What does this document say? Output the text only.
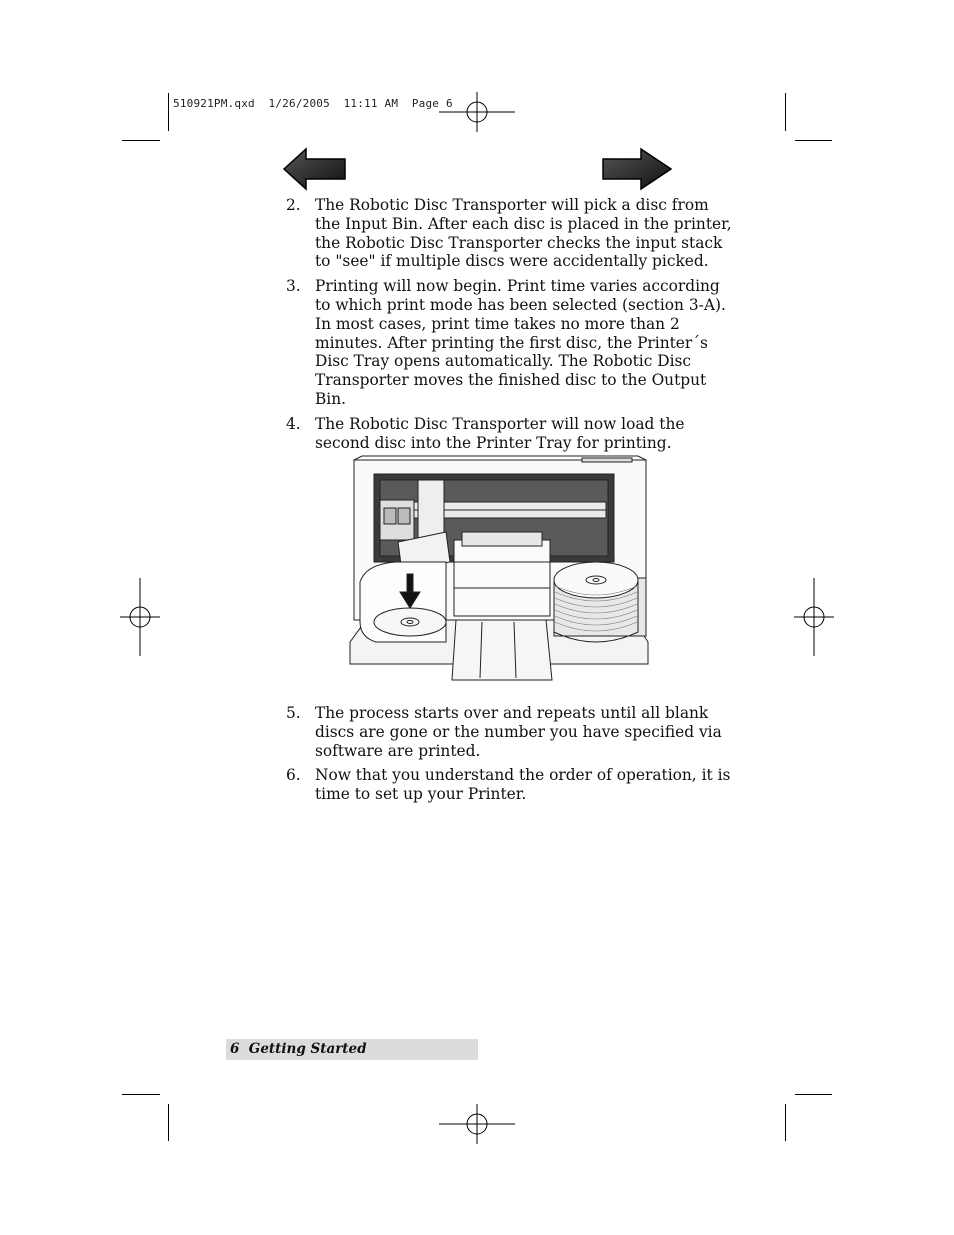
510921PM.qxd 1/26/2005 11:11 AM Page 6
2. The Robotic Disc Transporter will pick a disc from the Input Bin. After each disc is placed in the printer, the Robotic Disc Transporter checks the input stack to "see" if multiple discs were accidentally picked.
3. Printing will now begin. Print time varies according to which print mode has been selected (section 3-A). In most cases, print time takes no more than 2 minutes. After printing the first disc, the Printer´s Disc Tray opens automatically. The Robotic Disc Transporter moves the finished disc to the Output Bin.
4. The Robotic Disc Transporter will now load the second disc into the Printer Tray for printing.
5. The process starts over and repeats until all blank discs are gone or the number you have specified via software are printed.
6. Now that you understand the order of operation, it is time to set up your Printer.
6  Getting Started
